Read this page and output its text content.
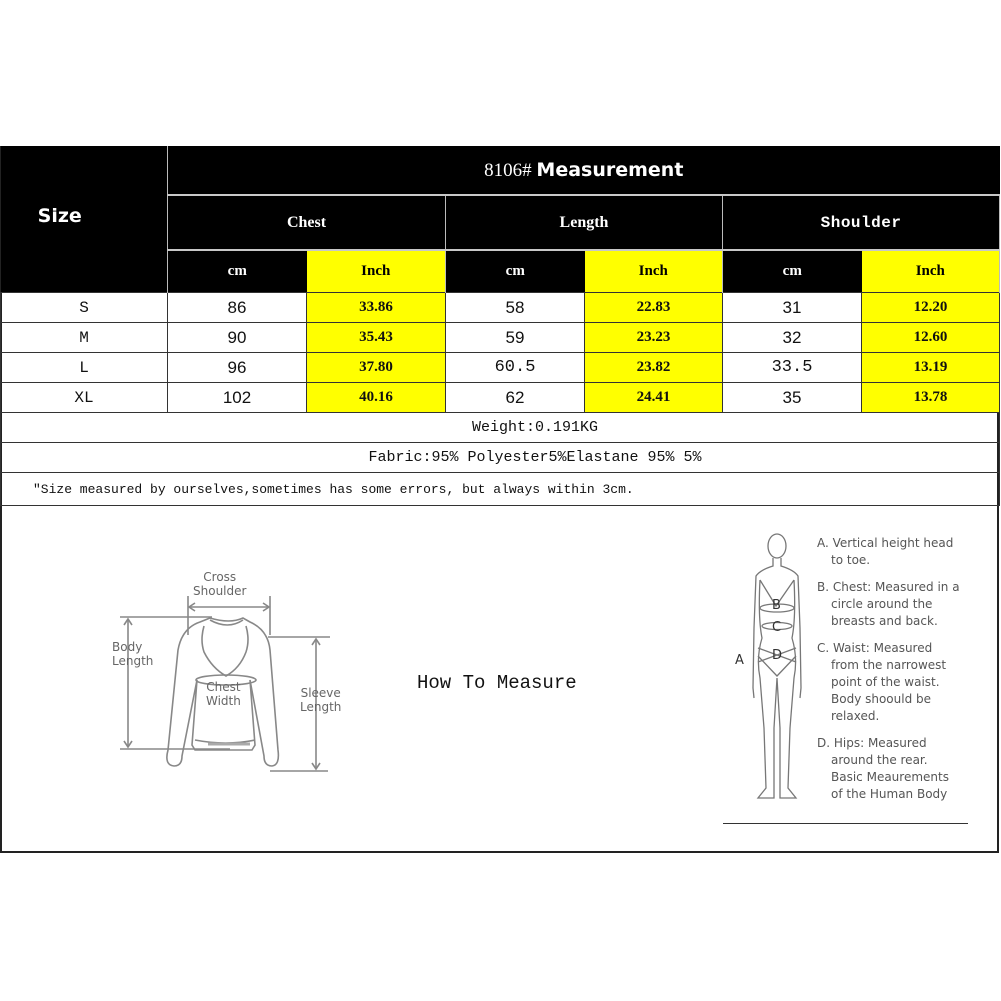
Size	8106# Measurement					
	Chest		Length		Shoulder	
	cm	Inch	cm	Inch	cm	Inch
S	86	33.86	58	22.83	31	12.20
M	90	35.43	59	23.23	32	12.60
L	96	37.80	60.5	23.82	33.5	13.19
XL	102	40.16	62	24.41	35	13.78
Weight:0.191KG						
Fabric:95% Polyester5%Elastane 95% 5%						
"Size measured by ourselves,sometimes has some errors, but always within 3cm.						
Cross
Shoulder
Body
Length
Chest
Width
Sleeve
Length
How To Measure
A
B
C
D
A. Vertical height head
to toe.
B. Chest: Measured in a
circle around the
breasts and back.
C. Waist: Measured
from the narrowest
point of the waist.
Body shoould be
relaxed.
D. Hips: Measured
around the rear.
Basic Meaurements
of the Human Body
